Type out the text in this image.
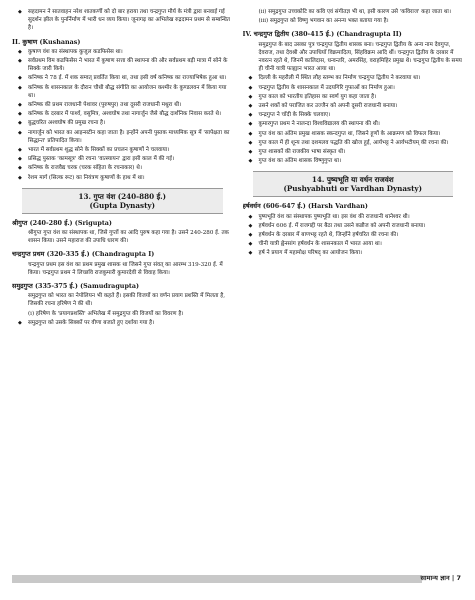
◆ सहदामन ने सातवाहन नरेश शातकर्णी को दो बार हराया तथा चन्द्रगुप्त मौर्य के मंत्री द्वारा बनवाई गई सुदर्शन झील के पुनर्निर्माण में भारी धन व्यय किया। जूनागढ़ का अभिलेख रुद्रदामन प्रथम से सम्बन्धित है।
II. कुषाण (Kushanas)
◆ कुषाण वंश का संस्थापक कुजुल कडफिसेस था।
◆ सर्वप्रथम विम कडफिसेस ने भारत में कुषाण सत्ता की स्थापना की और सर्वप्रथम बड़ी मात्रा में सोने के सिक्के जारी किये।
◆ कनिष्क ने 78 ई. में शक सम्वत् प्रवर्तित किया था, तथा इसी वर्ष कनिष्क का राज्याभिषेक हुआ था।
◆ कनिष्क के शासनकाल के दौरान चौथी बौद्ध संगीति का आयोजन कश्मीर के कुण्डलवन में किया गया था।
◆ कनिष्क की प्रथम राजधानी पेशावर (पुरुषपुर) तथा दूसरी राजधानी मथुरा थी।
◆ कनिष्क के दरबार में पार्श्व, वसुमित्र, अश्वघोष तथा नागार्जुन जैसे बौद्ध दार्शनिक निवास करते थे।
◆ बुद्धचरित अश्वघोष की प्रमुख रचना है।
◆ नागार्जुन को भारत का आइन्सटीन कहा जाता है। इन्होंने अपनी पुस्तक माध्यमिक सूत्र में 'सापेक्षता का सिद्धान्त' प्रतिपादित किया।
◆ भारत में सर्वप्रथम शुद्ध सोने के सिक्कों का प्रचलन कुषाणों ने चलवाया।
◆ प्रसिद्ध पुस्तक 'कामसूत्र' की रचना 'वात्स्यायन' द्वारा इसी काल में की गई।
◆ कनिष्क के राजवैद्य चरक (चरक संहिता के रचनाकार) थे।
◆ रेशम मार्ग (सिल्क रूट) का नियंत्रण कुषाणों के हाथ में था।
13. गुप्त वंश (240-880 ई.)
(Gupta Dynasty)
श्रीगुप्त (240-280 ई.) (Srigupta)
श्रीगुप्त गुप्त वंश का संस्थापक था, जिसे गुप्तों का आदि पुरुष कहा गया है। उसने 240-280 ई. तक शासन किया। उसने महाराज की उपाधि धारण की।
चन्द्रगुप्त प्रथम (320-335 ई.) (Chandragupta I)
चन्द्रगुप्त प्रथम इस वंश का प्रथम प्रमुख शासक था जिसने गुप्त संवत् का आरम्भ 319-320 ई. में किया। चन्द्रगुप्त प्रथम ने लिच्छवि राजकुमारी कुमारदेवी से विवाह किया।
समुद्रगुप्त (335-375 ई.) (Samudragupta)
समुद्रगुप्त को भारत का नेपोलियन भी कहते हैं। इसकी विजयों का वर्णन प्रयाग प्रशस्ति में मिलता है, जिसकी रचना हरिषेण ने की थी।
(i) हरिषेण के 'प्रयागप्रशस्ति' अभिलेख में समुद्रगुप्त की विजयों का विवरण है।
◆ समुद्रगुप्त को उसके सिक्कों पर वीणा बजाते हुए दर्शाया गया है।
(ii) समुद्रगुप्त उच्चकोटि का कवि एवं संगीतज्ञ भी था, इसी कारण उसे 'कविराज' कहा जाता था।
(iii) समुद्रगुप्त को विष्णु भगवान का अनन्य भक्त बताया गया है।
IV. चन्द्रगुप्त द्वितीय (380-415 ई.) (Chandragupta II)
समुद्रगुप्त के बाद उसका पुत्र चन्द्रगुप्त द्वितीय शासक बना। चन्द्रगुप्त द्वितीय के अन्य नाम देवगुप्त, देवराज, तथा देवश्री और उपाधियाँ विक्रमादित्य, सिंहविक्रम आदि थीं। चन्द्रगुप्त द्वितीय के दरबार में नवरत्न रहते थे, जिनमें कालिदास, धन्वन्तरि, अमरसिंह, वराहमिहिर प्रमुख थे। चन्द्रगुप्त द्वितीय के समय ही चीनी यात्री फाह्यान भारत आया था।
◆ दिल्ली के महरौली में स्थित लौह स्तम्भ का निर्माण चन्द्रगुप्त द्वितीय ने करवाया था।
◆ चन्द्रगुप्त द्वितीय के शासनकाल में उदयगिरि गुफाओं का निर्माण हुआ।
◆ गुप्त काल को भारतीय इतिहास का स्वर्ण युग कहा जाता है।
◆ उसने शकों को पराजित कर उज्जैन को अपनी दूसरी राजधानी बनाया।
◆ चन्द्रगुप्त ने चाँदी के सिक्के चलवाए।
◆ कुमारगुप्त प्रथम ने नालन्दा विश्वविद्यालय की स्थापना की थी।
◆ गुप्त वंश का अंतिम प्रमुख शासक स्कन्दगुप्त था, जिसने हूणों के आक्रमण को विफल किया।
◆ गुप्त काल में ही शून्य तथा दशमलव पद्धति की खोज हुई, आर्यभट्ट ने आर्यभटीयम् की रचना की।
◆ गुप्त शासकों की राजकीय भाषा संस्कृत थी।
◆ गुप्त वंश का अंतिम शासक विष्णुगुप्त था।
14. पुष्यभूति या वर्धन राजवंश
(Pushyabhuti or Vardhan Dynasty)
हर्षवर्धन (606-647 ई.) (Harsh Vardhan)
◆ पुष्यभूति वंश का संस्थापक पुष्यभूति था। इस वंश की राजधानी थानेश्वर थी।
◆ हर्षवर्धन 606 ई. में राजगद्दी पर बैठा तथा उसने कन्नौज को अपनी राजधानी बनाया।
◆ हर्षवर्धन के दरबार में बाणभट्ट रहते थे, जिन्होंने हर्षचरित की रचना की।
◆ चीनी यात्री ह्वेनसांग हर्षवर्धन के शासनकाल में भारत आया था।
◆ हर्ष ने प्रयाग में महामोक्ष परिषद् का आयोजन किया।
सामान्य ज्ञान | 7
